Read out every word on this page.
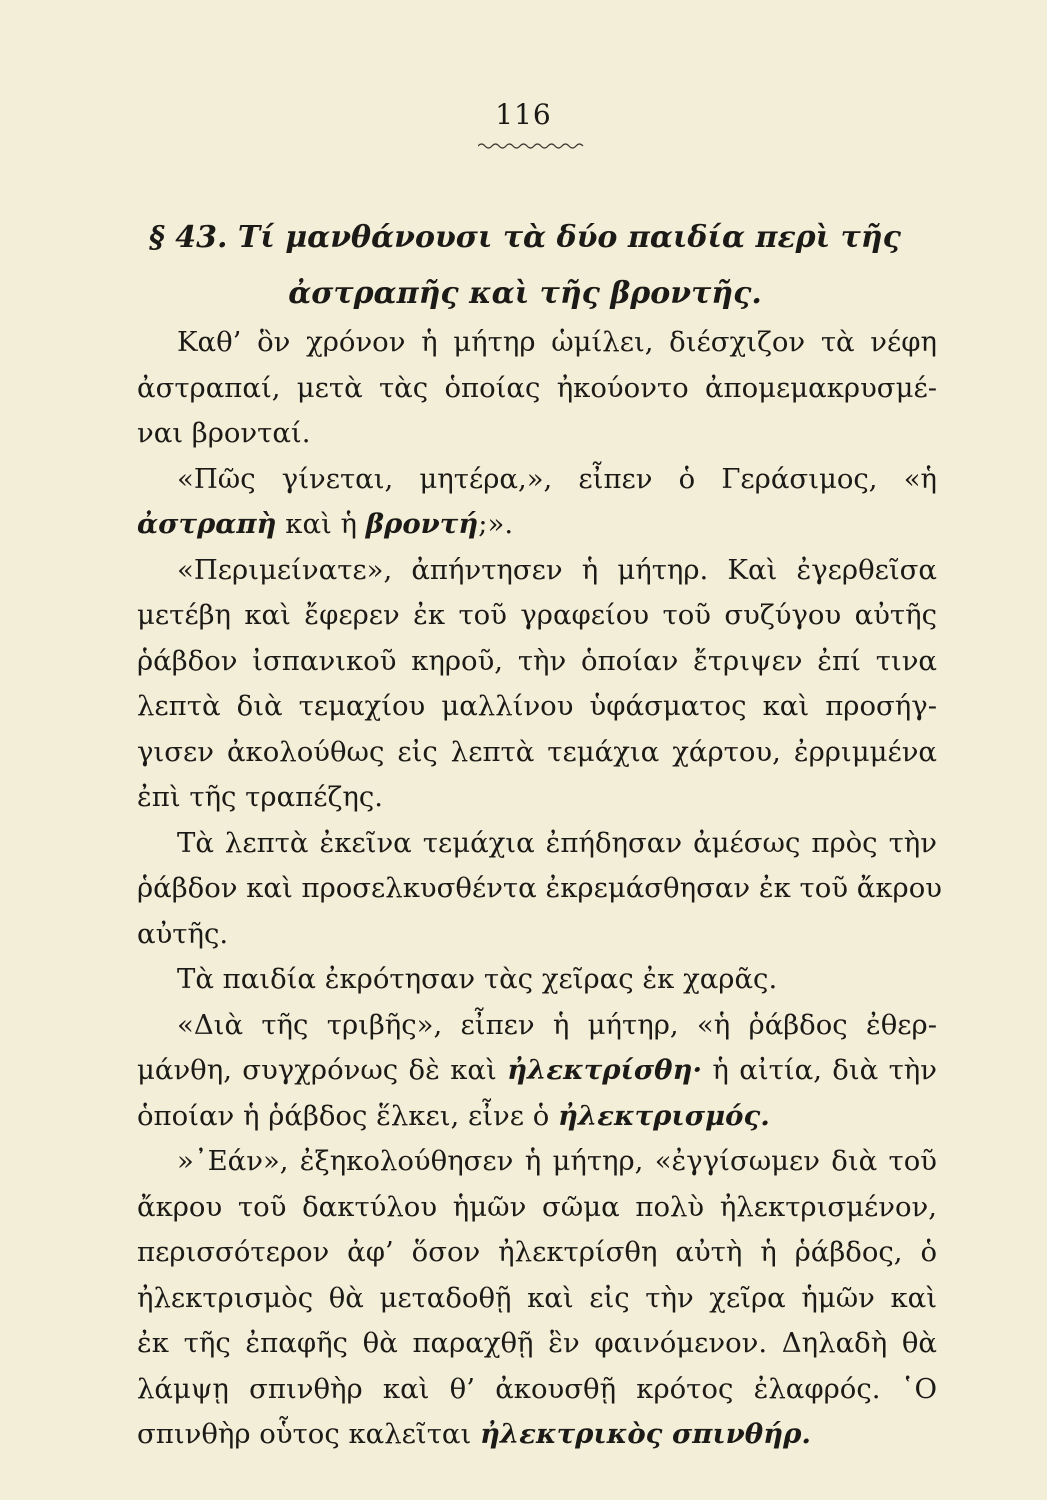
116
§ 43. Τί μανθάνουσι τὰ δύο παιδία περὶ τῆς
ἀστραπῆς καὶ τῆς βροντῆς.
Καθ’ ὃν χρόνον ἡ μήτηρ ὡμίλει, διέσχιζον τὰ νέφη
ἀστραπαί, μετὰ τὰς ὁποίας ἠκούοντο ἀπομεμακρυσμέ-
ναι βρονταί.
«Πῶς γίνεται, μητέρα,», εἶπεν ὁ Γεράσιμος, «ἡ
ἀστραπὴ καὶ ἡ βροντή;».
«Περιμείνατε», ἀπήντησεν ἡ μήτηρ. Καὶ ἐγερθεῖσα
μετέβη καὶ ἔφερεν ἐκ τοῦ γραφείου τοῦ συζύγου αὐτῆς
ῥάβδον ἰσπανικοῦ κηροῦ, τὴν ὁποίαν ἔτριψεν ἐπί τινα
λεπτὰ διὰ τεμαχίου μαλλίνου ὑφάσματος καὶ προσήγ-
γισεν ἀκολούθως εἰς λεπτὰ τεμάχια χάρτου, ἐρριμμένα
ἐπὶ τῆς τραπέζης.
Τὰ λεπτὰ ἐκεῖνα τεμάχια ἐπήδησαν ἀμέσως πρὸς τὴν
ῥάβδον καὶ προσελκυσθέντα ἐκρεμάσθησαν ἐκ τοῦ ἄκρου
αὐτῆς.
Τὰ παιδία ἐκρότησαν τὰς χεῖρας ἐκ χαρᾶς.
«Διὰ τῆς τριβῆς», εἶπεν ἡ μήτηρ, «ἡ ῥάβδος ἐθερ-
μάνθη, συγχρόνως δὲ καὶ ἠλεκτρίσθη· ἡ αἰτία, διὰ τὴν
ὁποίαν ἡ ῥάβδος ἕλκει, εἶνε ὁ ἠλεκτρισμός.
»᾿Εάν», ἐξηκολούθησεν ἡ μήτηρ, «ἐγγίσωμεν διὰ τοῦ
ἄκρου τοῦ δακτύλου ἡμῶν σῶμα πολὺ ἠλεκτρισμένον,
περισσότερον ἀφ’ ὅσον ἠλεκτρίσθη αὐτὴ ἡ ῥάβδος, ὁ
ἠλεκτρισμὸς θὰ μεταδοθῇ καὶ εἰς τὴν χεῖρα ἡμῶν καὶ
ἐκ τῆς ἐπαφῆς θὰ παραχθῇ ἓν φαινόμενον. Δηλαδὴ θὰ
λάμψῃ σπινθὴρ καὶ θ’ ἀκουσθῇ κρότος ἐλαφρός. ῾Ο
σπινθὴρ οὗτος καλεῖται ἠλεκτρικὸς σπινθήρ.
